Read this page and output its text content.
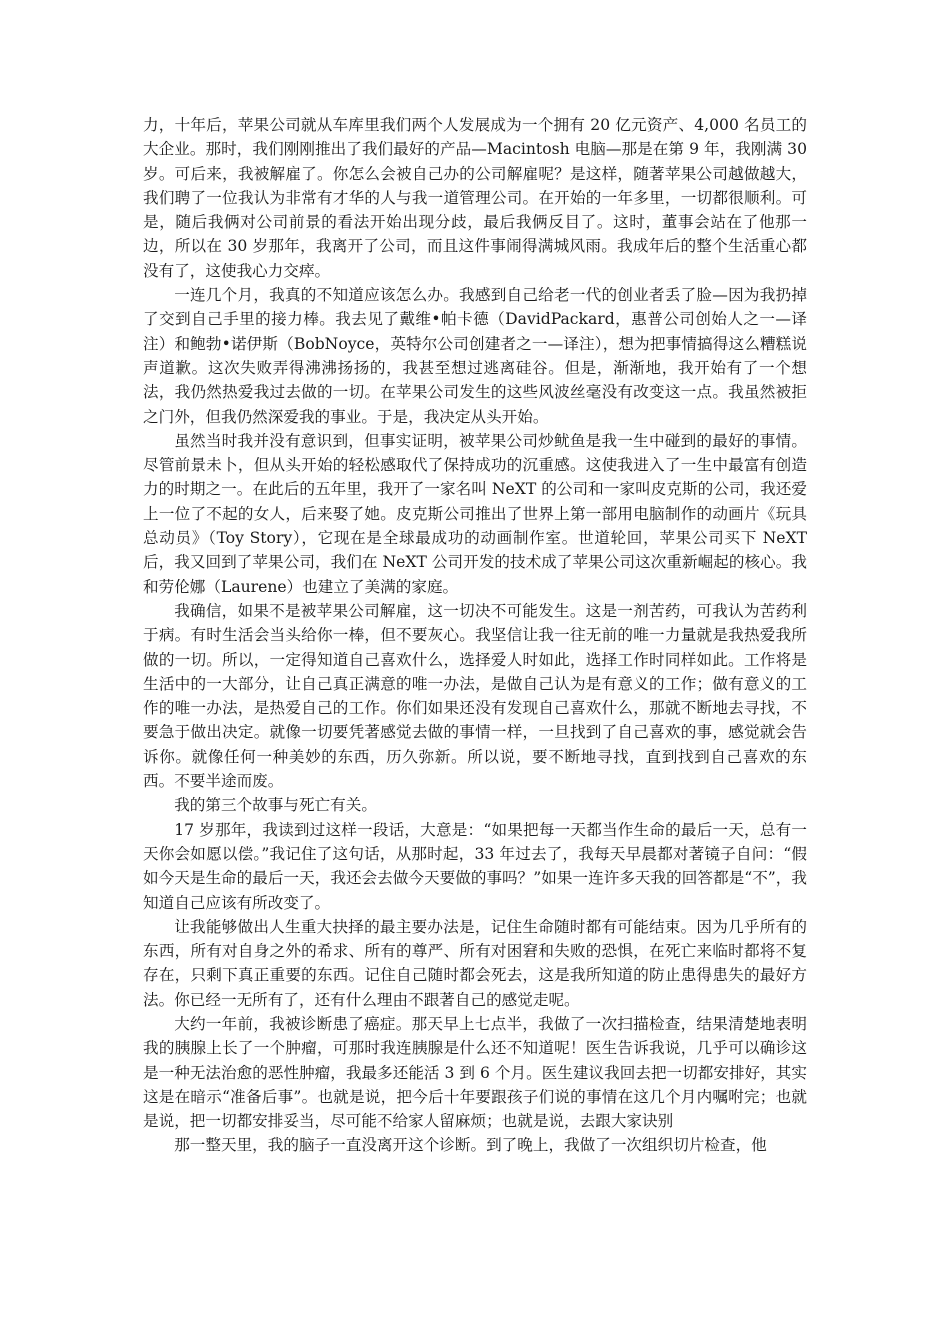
力，十年后，苹果公司就从车库里我们两个人发展成为一个拥有 20 亿元资产、4,000 名员工的大企业。那时，我们刚刚推出了我们最好的产品—Macintosh 电脑—那是在第 9 年，我刚满 30 岁。可后来，我被解雇了。你怎么会被自己办的公司解雇呢？是这样，随著苹果公司越做越大，我们聘了一位我认为非常有才华的人与我一道管理公司。在开始的一年多里，一切都很顺利。可是，随后我俩对公司前景的看法开始出现分歧，最后我俩反目了。这时，董事会站在了他那一边，所以在 30 岁那年，我离开了公司，而且这件事闹得满城风雨。我成年后的整个生活重心都没有了，这使我心力交瘁。

一连几个月，我真的不知道应该怎么办。我感到自己给老一代的创业者丢了脸—因为我扔掉了交到自己手里的接力棒。我去见了戴维•帕卡德（DavidPackard，惠普公司创始人之一—译注）和鲍勃•诺伊斯（BobNoyce，英特尔公司创建者之一—译注），想为把事情搞得这么糟糕说声道歉。这次失败弄得沸沸扬扬的，我甚至想过逃离硅谷。但是，渐渐地，我开始有了一个想法，我仍然热爱我过去做的一切。在苹果公司发生的这些风波丝毫没有改变这一点。我虽然被拒之门外，但我仍然深爱我的事业。于是，我决定从头开始。

虽然当时我并没有意识到，但事实证明，被苹果公司炒鱿鱼是我一生中碰到的最好的事情。尽管前景未卜，但从头开始的轻松感取代了保持成功的沉重感。这使我进入了一生中最富有创造力的时期之一。在此后的五年里，我开了一家名叫 NeXT 的公司和一家叫皮克斯的公司，我还爱上一位了不起的女人，后来娶了她。皮克斯公司推出了世界上第一部用电脑制作的动画片《玩具总动员》（Toy Story），它现在是全球最成功的动画制作室。世道轮回，苹果公司买下 NeXT 后，我又回到了苹果公司，我们在 NeXT 公司开发的技术成了苹果公司这次重新崛起的核心。我和劳伦娜（Laurene）也建立了美满的家庭。

我确信，如果不是被苹果公司解雇，这一切决不可能发生。这是一剂苦药，可我认为苦药利于病。有时生活会当头给你一棒，但不要灰心。我坚信让我一往无前的唯一力量就是我热爱我所做的一切。所以，一定得知道自己喜欢什么，选择爱人时如此，选择工作时同样如此。工作将是生活中的一大部分，让自己真正满意的唯一办法，是做自己认为是有意义的工作；做有意义的工作的唯一办法，是热爱自己的工作。你们如果还没有发现自己喜欢什么，那就不断地去寻找，不要急于做出决定。就像一切要凭著感觉去做的事情一样，一旦找到了自己喜欢的事，感觉就会告诉你。就像任何一种美妙的东西，历久弥新。所以说，要不断地寻找，直到找到自己喜欢的东西。不要半途而废。

我的第三个故事与死亡有关。

17 岁那年，我读到过这样一段话，大意是：“如果把每一天都当作生命的最后一天，总有一天你会如愿以偿。”我记住了这句话，从那时起，33 年过去了，我每天早晨都对著镜子自问：“假如今天是生命的最后一天，我还会去做今天要做的事吗？”如果一连许多天我的回答都是“不”，我知道自己应该有所改变了。

让我能够做出人生重大抉择的最主要办法是，记住生命随时都有可能结束。因为几乎所有的东西，所有对自身之外的希求、所有的尊严、所有对困窘和失败的恐惧，在死亡来临时都将不复存在，只剩下真正重要的东西。记住自己随时都会死去，这是我所知道的防止患得患失的最好方法。你已经一无所有了，还有什么理由不跟著自己的感觉走呢。

大约一年前，我被诊断患了癌症。那天早上七点半，我做了一次扫描检查，结果清楚地表明我的胰腺上长了一个肿瘤，可那时我连胰腺是什么还不知道呢！医生告诉我说，几乎可以确诊这是一种无法治愈的恶性肿瘤，我最多还能活 3 到 6 个月。医生建议我回去把一切都安排好，其实这是在暗示“准备后事”。也就是说，把今后十年要跟孩子们说的事情在这几个月内嘱咐完；也就是说，把一切都安排妥当，尽可能不给家人留麻烦；也就是说，去跟大家诀别

那一整天里，我的脑子一直没离开这个诊断。到了晚上，我做了一次组织切片检查，他
